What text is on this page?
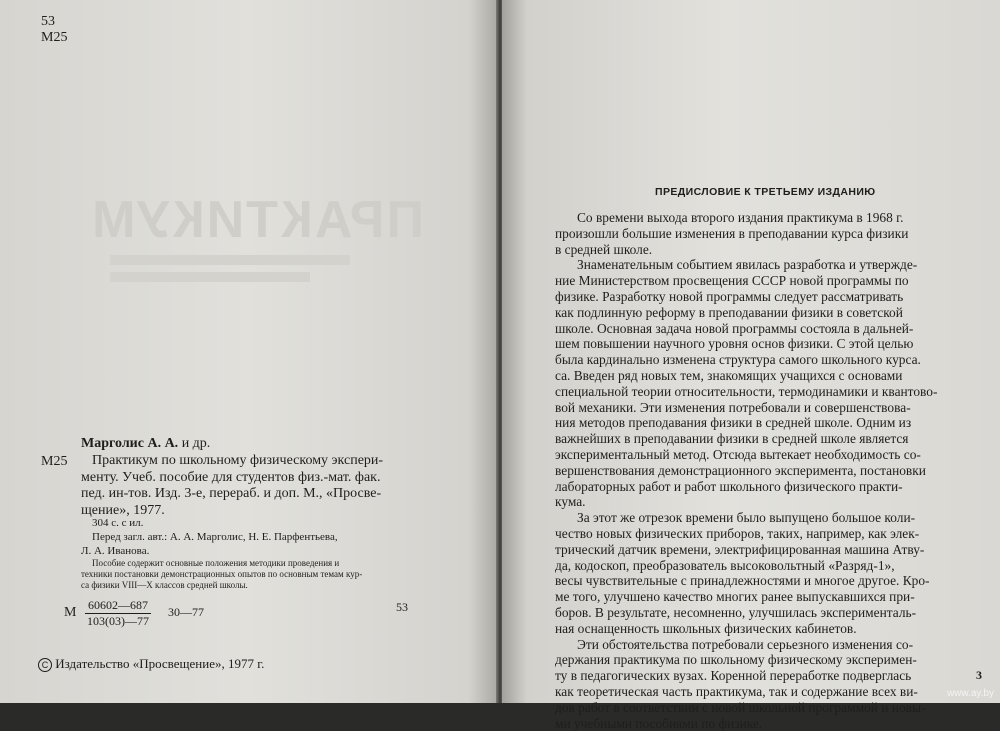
ПРАКТИКУМ
53
М25
М25
Марголис А. А. и др.
Практикум по школьному физическому экспери-
менту. Учеб. пособие для студентов физ.-мат. фак.
пед. ин-тов. Изд. 3-е, перераб. и доп. М., «Просве-
щение», 1977.
304 с. с ил.
Перед загл. авт.: А. А. Марголис, Н. Е. Парфентьева,
Л. А. Иванова.
Пособие содержит основные положения методики проведения и
техники постановки демонстрационных опытов по основным темам кур-
са физики VIII—X классов средней школы.
М $\frac{60602—687}{103(03)—77}$ 30—77	53
C Издательство «Просвещение», 1977 г.
ПРЕДИСЛОВИЕ К ТРЕТЬЕМУ ИЗДАНИЮ
Со времени выхода второго издания практикума в 1968 г.
произошли большие изменения в преподавании курса физики
в средней школе.
Знаменательным событием явилась разработка и утвержде-
ние Министерством просвещения СССР новой программы по
физике. Разработку новой программы следует рассматривать
как подлинную реформу в преподавании физики в советской
школе. Основная задача новой программы состояла в дальней-
шем повышении научного уровня основ физики. С этой целью
была кардинально изменена структура самого школьного курса.
са. Введен ряд новых тем, знакомящих учащихся с основами
специальной теории относительности, термодинамики и квантово-
вой механики. Эти изменения потребовали и совершенствова-
ния методов преподавания физики в средней школе. Одним из
важнейших в преподавании физики в средней школе является
экспериментальный метод. Отсюда вытекает необходимость со-
вершенствования демонстрационного эксперимента, постановки
лабораторных работ и работ школьного физического практи-
кума.
За этот же отрезок времени было выпущено большое коли-
чество новых физических приборов, таких, например, как элек-
трический датчик времени, электрифицированная машина Атву-
да, кодоскоп, преобразователь высоковольтный «Разряд-1»,
весы чувствительные с принадлежностями и многое другое. Кро-
ме того, улучшено качество многих ранее выпускавшихся при-
боров. В результате, несомненно, улучшилась эксперименталь-
ная оснащенность школьных физических кабинетов.
Эти обстоятельства потребовали серьезного изменения со-
держания практикума по школьному физическому эксперимен-
ту в педагогических вузах. Коренной переработке подверглась
как теоретическая часть практикума, так и содержание всех ви-
дов работ в соответствии с новой школьной программой и новы-
ми учебными пособиями по физике.
3
www.ay.by
